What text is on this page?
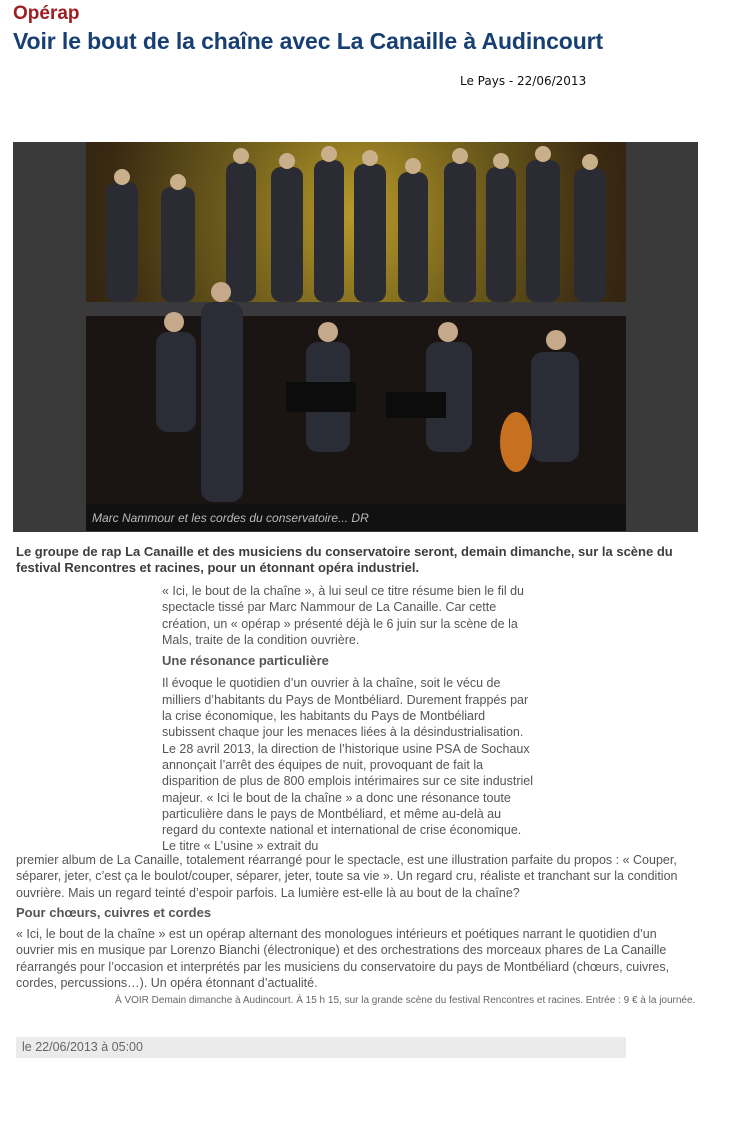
Opérap
Voir le bout de la chaîne avec La Canaille à Audincourt
Le Pays - 22/06/2013
Marc Nammour et les cordes du conservatoire... DR
Le groupe de rap La Canaille et des musiciens du conservatoire seront, demain dimanche, sur la scène du festival Rencontres et racines, pour un étonnant opéra industriel.

« Ici, le bout de la chaîne », à lui seul ce titre résume bien le fil du spectacle tissé par Marc Nammour de La Canaille. Car cette création, un « opérap » présenté déjà le 6 juin sur la scène de la Mals, traite de la condition ouvrière.

Une résonance particulière

Il évoque le quotidien d’un ouvrier à la chaîne, soit le vécu de milliers d’habitants du Pays de Montbéliard. Durement frappés par la crise économique, les habitants du Pays de Montbéliard subissent chaque jour les menaces liées à la désindustrialisation. Le 28 avril 2013, la direction de l’historique usine PSA de Sochaux annonçait l’arrêt des équipes de nuit, provoquant de fait la disparition de plus de 800 emplois intérimaires sur ce site industriel majeur. « Ici le bout de la chaîne » a donc une résonance toute particulière dans le pays de Montbéliard, et même au-delà au regard du contexte national et international de crise économique. Le titre « L’usine » extrait du

premier album de La Canaille, totalement réarrangé pour le spectacle, est une illustration parfaite du propos : « Couper, séparer, jeter, c’est ça le boulot/couper, séparer, jeter, toute sa vie ». Un regard cru, réaliste et tranchant sur la condition ouvrière. Mais un regard teinté d’espoir parfois. La lumière est-elle là au bout de la chaîne?

Pour chœurs, cuivres et cordes

« Ici, le bout de la chaîne » est un opérap alternant des monologues intérieurs et poétiques narrant le quotidien d’un ouvrier mis en musique par Lorenzo Bianchi (électronique) et des orchestrations des morceaux phares de La Canaille réarrangés pour l’occasion et interprétés par les musiciens du conservatoire du pays de Montbéliard (chœurs, cuivres, cordes, percussions…). Un opéra étonnant d’actualité.

À VOIR Demain dimanche à Audincourt. À 15 h 15, sur la grande scène du festival Rencontres et racines. Entrée : 9 € à la journée.
le 22/06/2013 à 05:00
